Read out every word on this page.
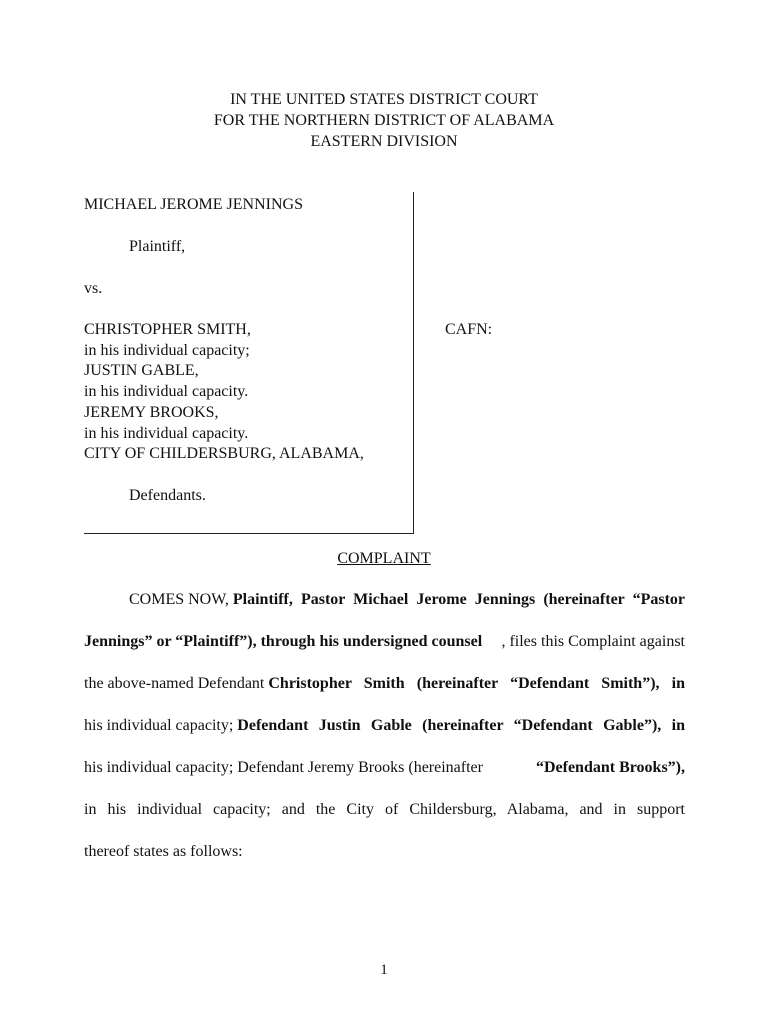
IN THE UNITED STATES DISTRICT COURT
FOR THE NORTHERN DISTRICT OF ALABAMA
EASTERN DIVISION
MICHAEL JEROME JENNINGS
Plaintiff,
vs.
CHRISTOPHER SMITH,
in his individual capacity;
JUSTIN GABLE,
in his individual capacity.
JEREMY BROOKS,
in his individual capacity.
CITY OF CHILDERSBURG, ALABAMA,
Defendants.
CAFN:
COMPLAINT
COMES NOW, Plaintiff, Pastor Michael Jerome Jennings (hereinafter “Pastor
Jennings” or “Plaintiff”), through his undersigned counsel , files this Complaint against
the above-named Defendant Christopher Smith (hereinafter “Defendant Smith”), in
his individual capacity; Defendant Justin Gable (hereinafter “Defendant Gable”), in
his individual capacity; Defendant Jeremy Brooks (hereinafter	“Defendant Brooks”),
in his individual capacity; and the City of Childersburg, Alabama, and in support
thereof states as follows:
1
